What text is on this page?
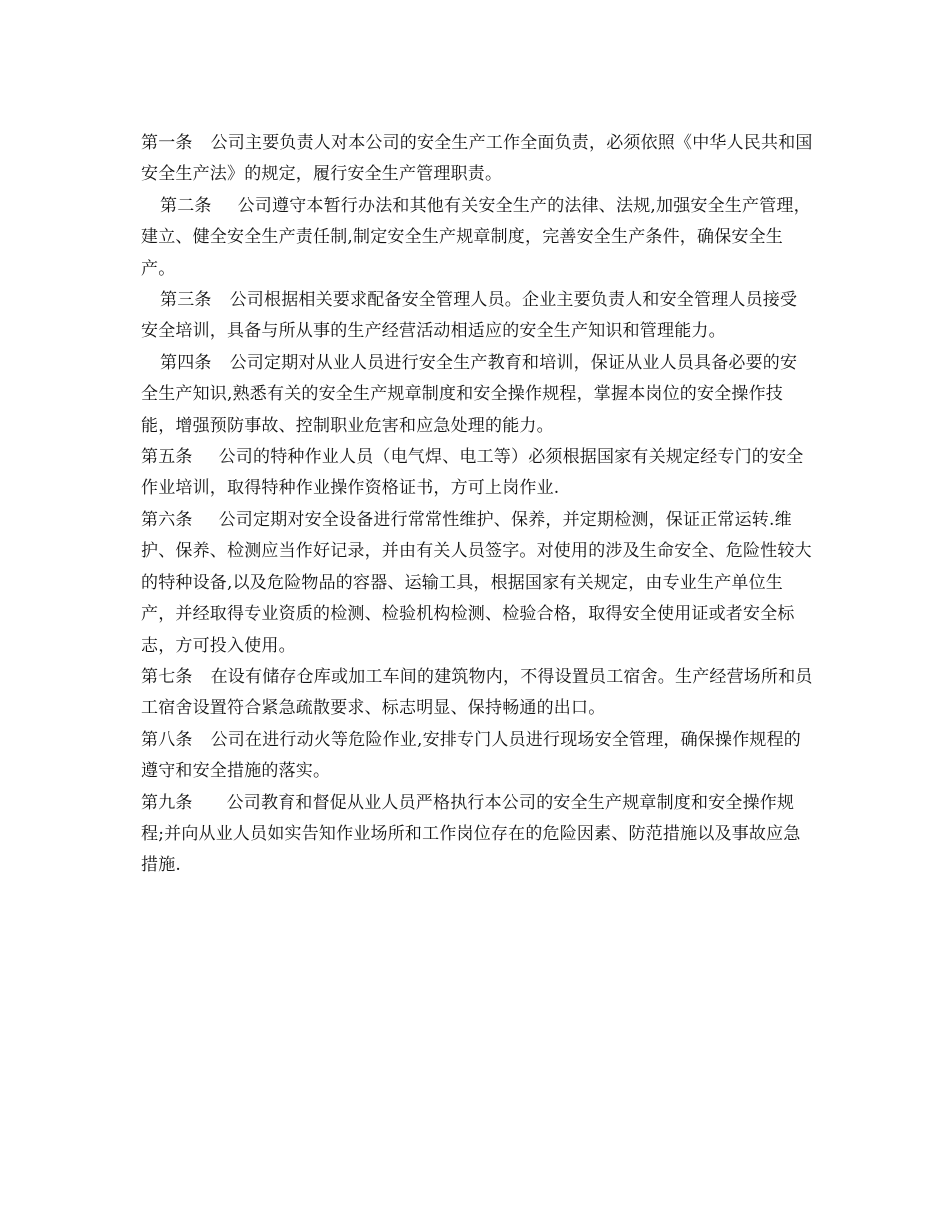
第一条 公司主要负责人对本公司的安全生产工作全面负责，必须依照《中华人民共和国安全生产法》的规定，履行安全生产管理职责。

第二条 公司遵守本暂行办法和其他有关安全生产的法律、法规,加强安全生产管理，建立、健全安全生产责任制,制定安全生产规章制度，完善安全生产条件，确保安全生产。

第三条 公司根据相关要求配备安全管理人员。企业主要负责人和安全管理人员接受安全培训，具备与所从事的生产经营活动相适应的安全生产知识和管理能力。

第四条 公司定期对从业人员进行安全生产教育和培训，保证从业人员具备必要的安全生产知识,熟悉有关的安全生产规章制度和安全操作规程，掌握本岗位的安全操作技能，增强预防事故、控制职业危害和应急处理的能力。

第五条 公司的特种作业人员（电气焊、电工等）必须根据国家有关规定经专门的安全作业培训，取得特种作业操作资格证书，方可上岗作业.

第六条 公司定期对安全设备进行常常性维护、保养，并定期检测，保证正常运转.维护、保养、检测应当作好记录，并由有关人员签字。对使用的涉及生命安全、危险性较大的特种设备,以及危险物品的容器、运输工具，根据国家有关规定，由专业生产单位生产，并经取得专业资质的检测、检验机构检测、检验合格，取得安全使用证或者安全标志，方可投入使用。

第七条 在设有储存仓库或加工车间的建筑物内，不得设置员工宿舍。生产经营场所和员工宿舍设置符合紧急疏散要求、标志明显、保持畅通的出口。

第八条 公司在进行动火等危险作业,安排专门人员进行现场安全管理，确保操作规程的遵守和安全措施的落实。

第九条 公司教育和督促从业人员严格执行本公司的安全生产规章制度和安全操作规程;并向从业人员如实告知作业场所和工作岗位存在的危险因素、防范措施以及事故应急措施.
